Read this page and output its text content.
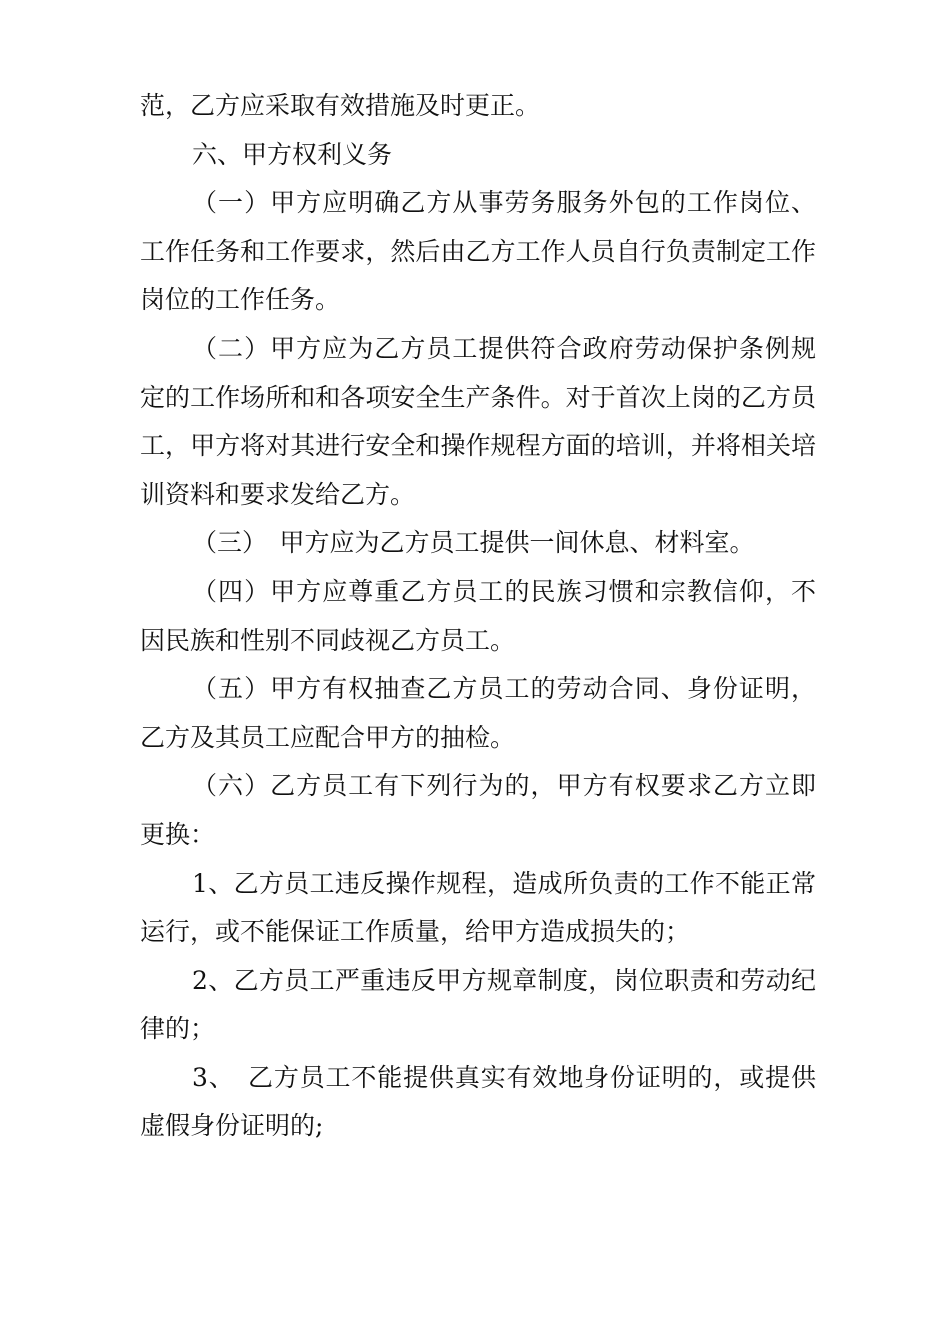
范，乙方应采取有效措施及时更正。

六、甲方权利义务

（一）甲方应明确乙方从事劳务服务外包的工作岗位、工作任务和工作要求，然后由乙方工作人员自行负责制定工作岗位的工作任务。

（二）甲方应为乙方员工提供符合政府劳动保护条例规定的工作场所和和各项安全生产条件。对于首次上岗的乙方员工，甲方将对其进行安全和操作规程方面的培训，并将相关培训资料和要求发给乙方。

（三）　甲方应为乙方员工提供一间休息、材料室。

（四）甲方应尊重乙方员工的民族习惯和宗教信仰，不因民族和性别不同歧视乙方员工。

（五）甲方有权抽查乙方员工的劳动合同、身份证明，乙方及其员工应配合甲方的抽检。

（六）乙方员工有下列行为的，甲方有权要求乙方立即更换：

1、乙方员工违反操作规程，造成所负责的工作不能正常运行，或不能保证工作质量，给甲方造成损失的；

2、乙方员工严重违反甲方规章制度，岗位职责和劳动纪律的；

3、　乙方员工不能提供真实有效地身份证明的，或提供 虚假身份证明的;
